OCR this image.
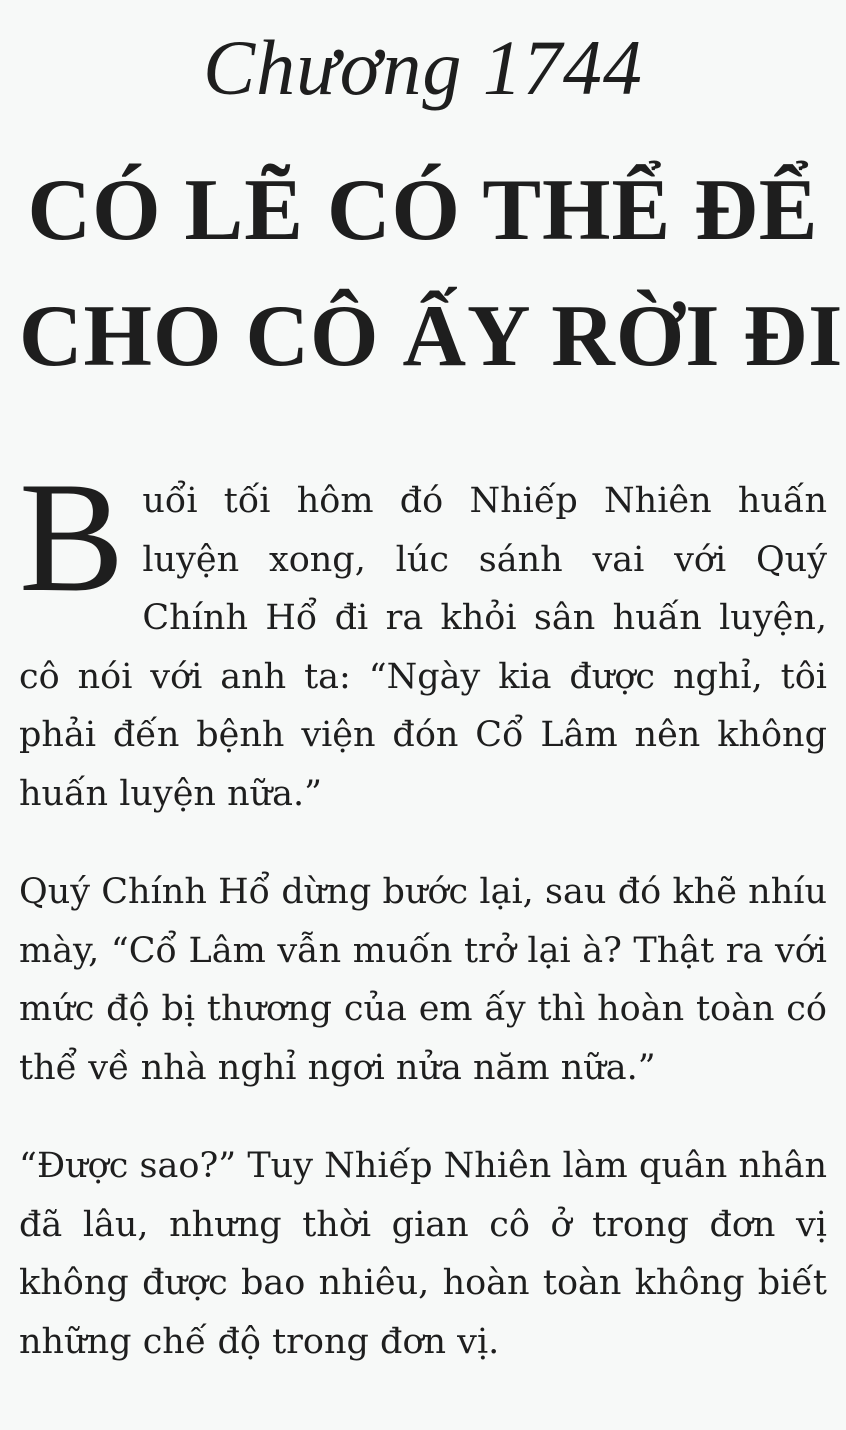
Chương 1744
CÓ LẼ CÓ THỂ ĐỂ
CHO CÔ ẤY RỜI ĐI

Buổi tối hôm đó Nhiếp Nhiên huấn luyện xong, lúc sánh vai với Quý Chính Hổ đi ra khỏi sân huấn luyện, cô nói với anh ta: “Ngày kia được nghỉ, tôi phải đến bệnh viện đón Cổ Lâm nên không huấn luyện nữa.”

Quý Chính Hổ dừng bước lại, sau đó khẽ nhíu mày, “Cổ Lâm vẫn muốn trở lại à? Thật ra với mức độ bị thương của em ấy thì hoàn toàn có thể về nhà nghỉ ngơi nửa năm nữa.”

“Được sao?” Tuy Nhiếp Nhiên làm quân nhân đã lâu, nhưng thời gian cô ở trong đơn vị không được bao nhiêu, hoàn toàn không biết những chế độ trong đơn vị.
